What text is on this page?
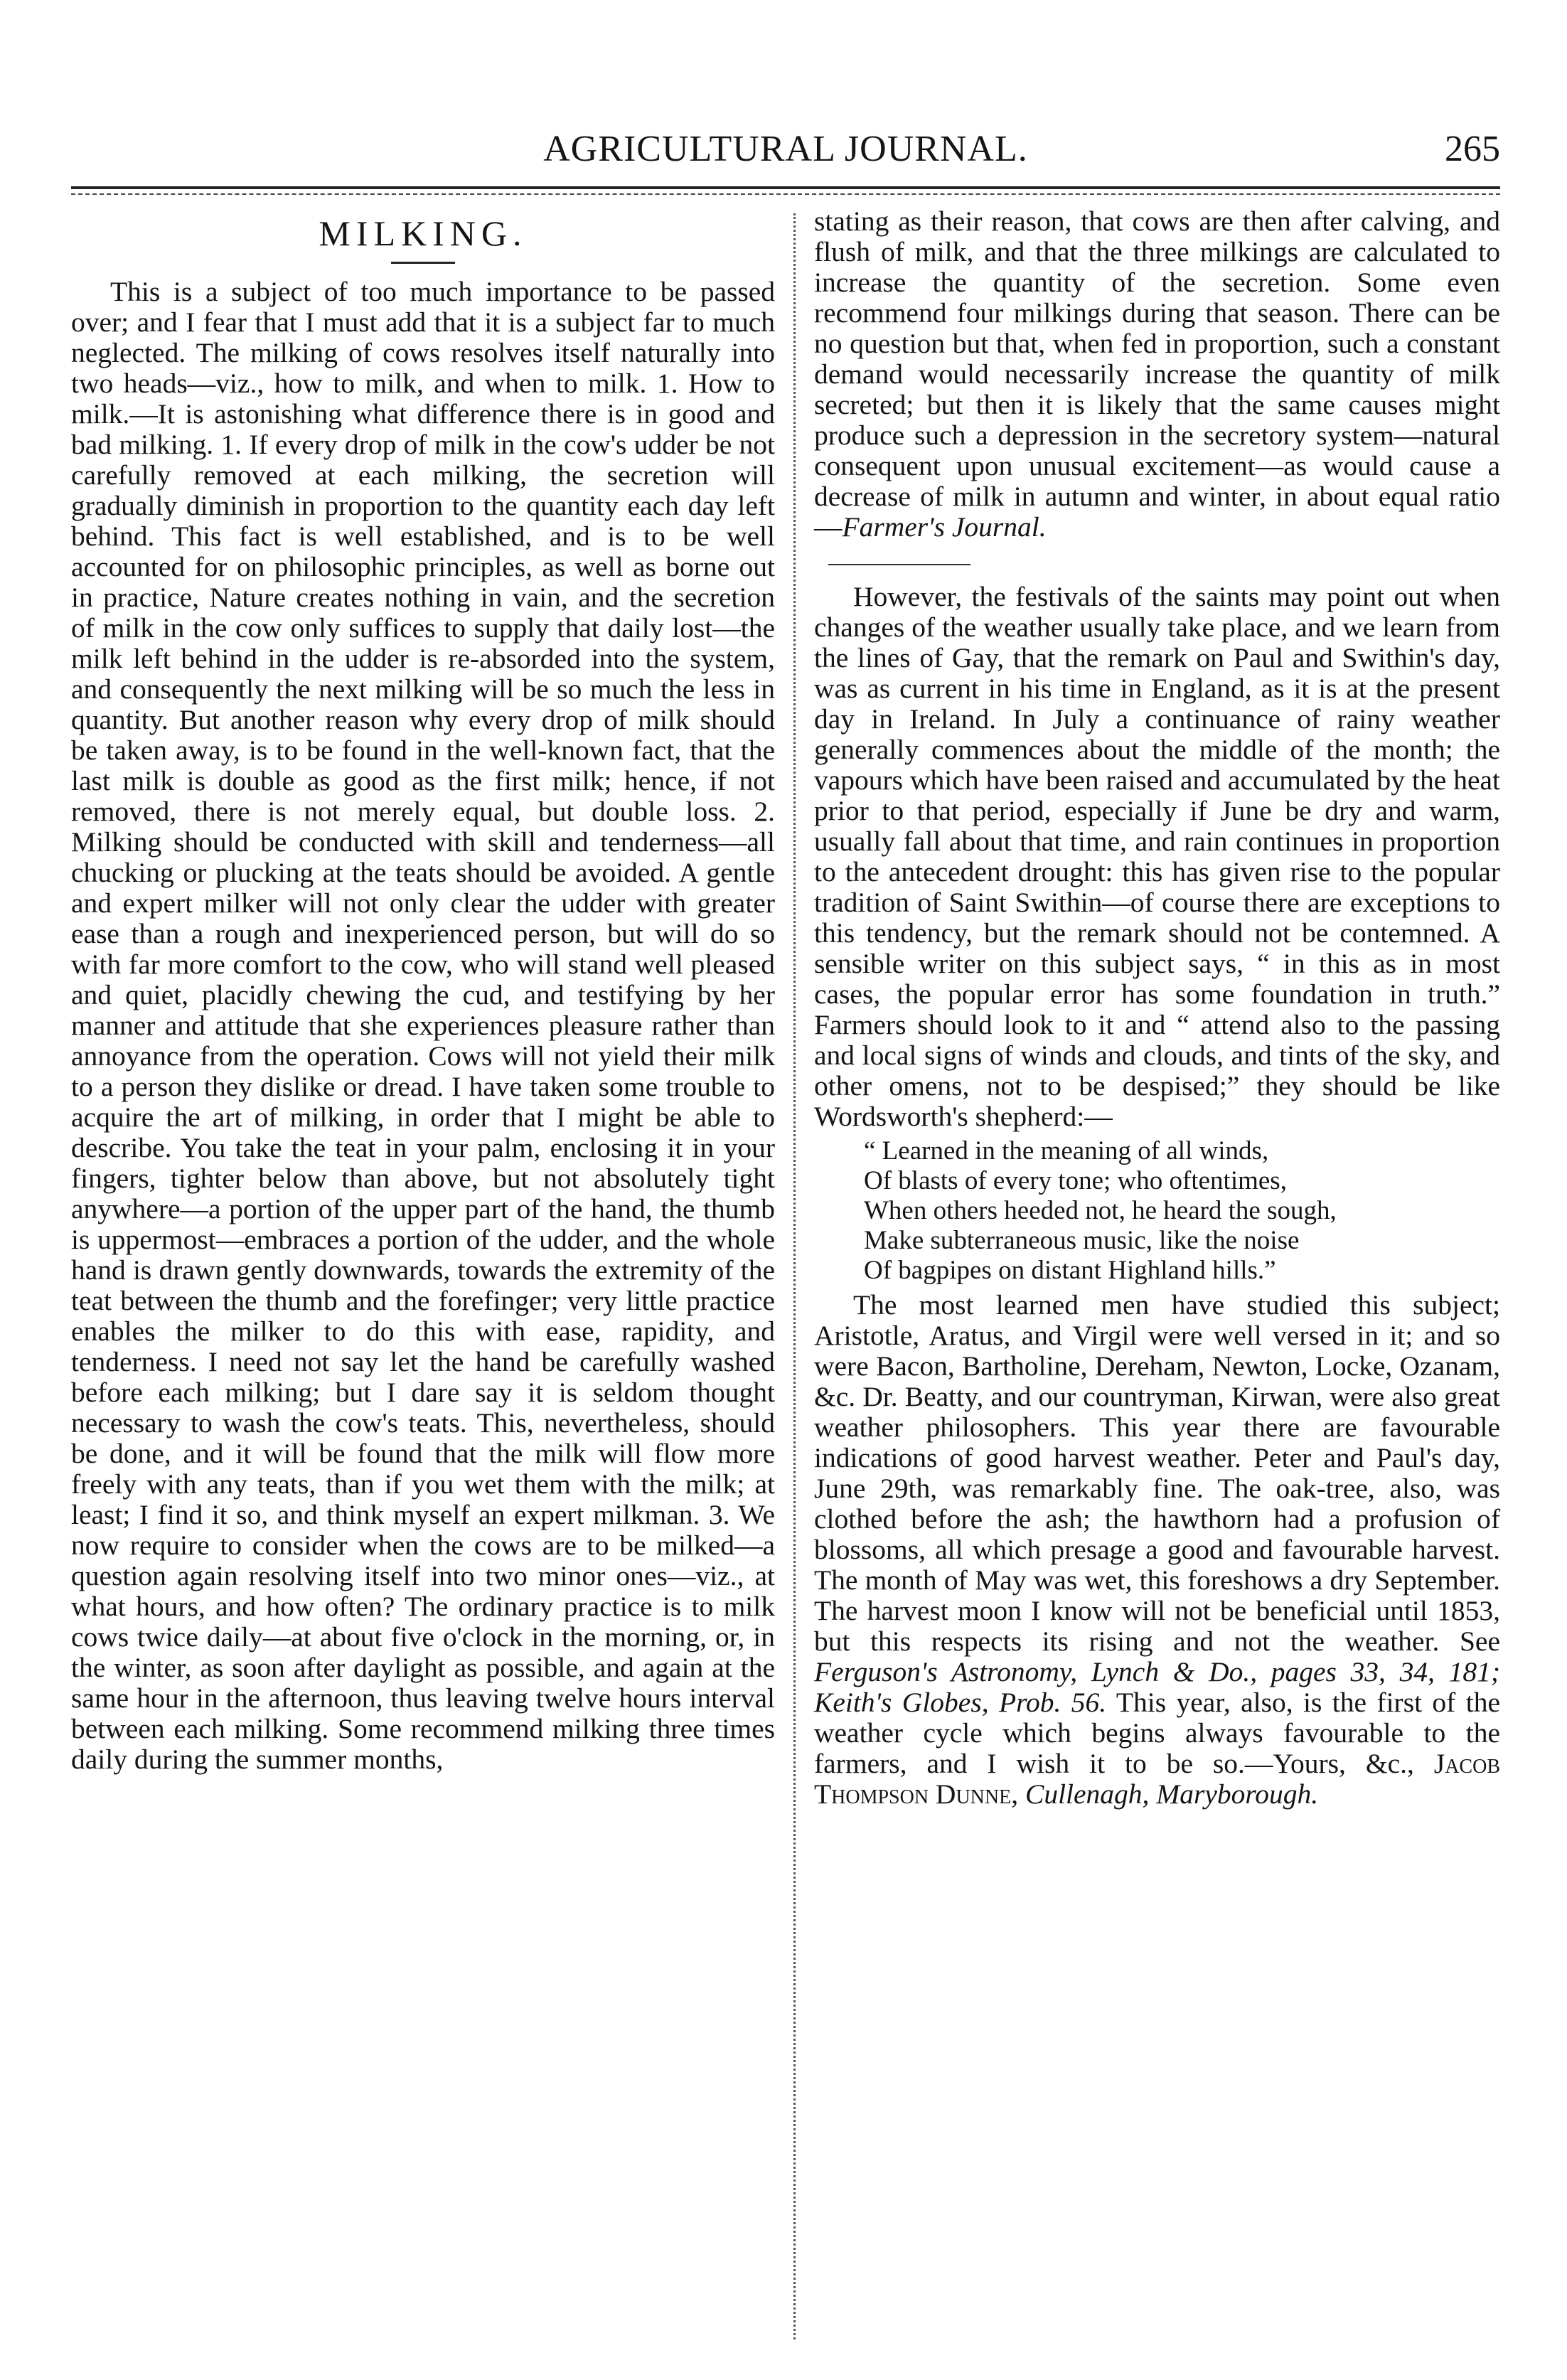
AGRICULTURAL JOURNAL.	265
MILKING.

This is a subject of too much importance to be passed over; and I fear that I must add that it is a subject far to much neglected. The milking of cows resolves itself naturally into two heads—viz., how to milk, and when to milk. 1. How to milk.—It is astonishing what difference there is in good and bad milking. 1. If every drop of milk in the cow's udder be not carefully removed at each milking, the secretion will gradually diminish in proportion to the quantity each day left behind. This fact is well established, and is to be well accounted for on philosophic principles, as well as borne out in practice, Nature creates nothing in vain, and the secretion of milk in the cow only suffices to supply that daily lost—the milk left behind in the udder is re-absorded into the system, and consequently the next milking will be so much the less in quantity. But another reason why every drop of milk should be taken away, is to be found in the well-known fact, that the last milk is double as good as the first milk; hence, if not removed, there is not merely equal, but double loss. 2. Milking should be conducted with skill and tenderness—all chucking or plucking at the teats should be avoided. A gentle and expert milker will not only clear the udder with greater ease than a rough and inexperienced person, but will do so with far more comfort to the cow, who will stand well pleased and quiet, placidly chewing the cud, and testifying by her manner and attitude that she experiences pleasure rather than annoyance from the operation. Cows will not yield their milk to a person they dislike or dread. I have taken some trouble to acquire the art of milking, in order that I might be able to describe. You take the teat in your palm, enclosing it in your fingers, tighter below than above, but not absolutely tight anywhere—a portion of the upper part of the hand, the thumb is uppermost—embraces a portion of the udder, and the whole hand is drawn gently downwards, towards the extremity of the teat between the thumb and the forefinger; very little practice enables the milker to do this with ease, rapidity, and tenderness. I need not say let the hand be carefully washed before each milking; but I dare say it is seldom thought necessary to wash the cow's teats. This, nevertheless, should be done, and it will be found that the milk will flow more freely with any teats, than if you wet them with the milk; at least; I find it so, and think myself an expert milkman. 3. We now require to consider when the cows are to be milked—a question again resolving itself into two minor ones—viz., at what hours, and how often? The ordinary practice is to milk cows twice daily—at about five o'clock in the morning, or, in the winter, as soon after daylight as possible, and again at the same hour in the afternoon, thus leaving twelve hours interval between each milking. Some recommend milking three times daily during the summer months,

stating as their reason, that cows are then after calving, and flush of milk, and that the three milkings are calculated to increase the quantity of the secretion. Some even recommend four milkings during that season. There can be no question but that, when fed in proportion, such a constant demand would necessarily increase the quantity of milk secreted; but then it is likely that the same causes might produce such a depression in the secretory system—natural consequent upon unusual excitement—as would cause a decrease of milk in autumn and winter, in about equal ratio —Farmer's Journal.

However, the festivals of the saints may point out when changes of the weather usually take place, and we learn from the lines of Gay, that the remark on Paul and Swithin's day, was as current in his time in England, as it is at the present day in Ireland. In July a continuance of rainy weather generally commences about the middle of the month; the vapours which have been raised and accumulated by the heat prior to that period, especially if June be dry and warm, usually fall about that time, and rain continues in proportion to the antecedent drought: this has given rise to the popular tradition of Saint Swithin—of course there are exceptions to this tendency, but the remark should not be contemned. A sensible writer on this subject says, “ in this as in most cases, the popular error has some foundation in truth.” Farmers should look to it and “ attend also to the passing and local signs of winds and clouds, and tints of the sky, and other omens, not to be despised;” they should be like Wordsworth's shepherd:—

“ Learned in the meaning of all winds,
Of blasts of every tone; who oftentimes,
When others heeded not, he heard the sough,
Make subterraneous music, like the noise
Of bagpipes on distant Highland hills.”

The most learned men have studied this subject; Aristotle, Aratus, and Virgil were well versed in it; and so were Bacon, Bartholine, Dereham, Newton, Locke, Ozanam, &c. Dr. Beatty, and our countryman, Kirwan, were also great weather philosophers. This year there are favourable indications of good harvest weather. Peter and Paul's day, June 29th, was remarkably fine. The oak-tree, also, was clothed before the ash; the hawthorn had a profusion of blossoms, all which presage a good and favourable harvest. The month of May was wet, this foreshows a dry September. The harvest moon I know will not be beneficial until 1853, but this respects its rising and not the weather. See Ferguson's Astronomy, Lynch & Do., pages 33, 34, 181; Keith's Globes, Prob. 56. This year, also, is the first of the weather cycle which begins always favourable to the farmers, and I wish it to be so.—Yours, &c., Jacob Thompson Dunne, Cullenagh, Maryborough.
